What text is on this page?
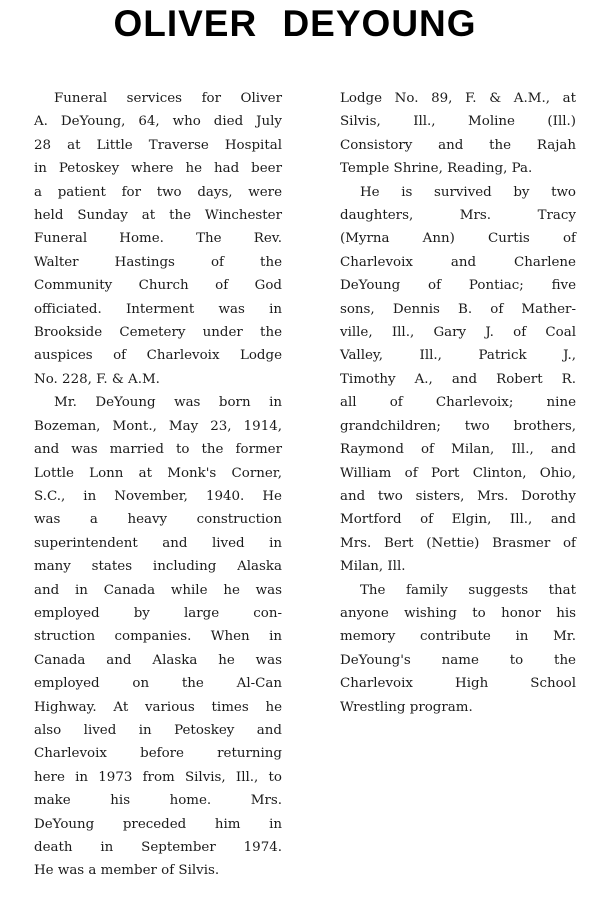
OLIVER DEYOUNG
Funeral services for Oliver
A. DeYoung, 64, who died July
28 at Little Traverse Hospital
in Petoskey where he had beer
a patient for two days, were
held Sunday at the Winchester
Funeral Home. The Rev.
Walter Hastings of the
Community Church of God
officiated. Interment was in
Brookside Cemetery under the
auspices of Charlevoix Lodge
No. 228, F. & A.M.
Mr. DeYoung was born in
Bozeman, Mont., May 23, 1914,
and was married to the former
Lottle Lonn at Monk's Corner,
S.C., in November, 1940. He
was a heavy construction
superintendent and lived in
many states including Alaska
and in Canada while he was
employed by large con-
struction companies. When in
Canada and Alaska he was
employed on the Al-Can
Highway. At various times he
also lived in Petoskey and
Charlevoix before returning
here in 1973 from Silvis, Ill., to
make his home. Mrs.
DeYoung preceded him in
death in September 1974.
He was a member of Silvis.
Lodge No. 89, F. & A.M., at
Silvis, Ill., Moline (Ill.)
Consistory and the Rajah
Temple Shrine, Reading, Pa.
He is survived by two
daughters, Mrs. Tracy
(Myrna Ann) Curtis of
Charlevoix and Charlene
DeYoung of Pontiac; five
sons, Dennis B. of Mather-
ville, Ill., Gary J. of Coal
Valley, Ill., Patrick J.,
Timothy A., and Robert R.
all of Charlevoix; nine
grandchildren; two brothers,
Raymond of Milan, Ill., and
William of Port Clinton, Ohio,
and two sisters, Mrs. Dorothy
Mortford of Elgin, Ill., and
Mrs. Bert (Nettie) Brasmer of
Milan, Ill.
The family suggests that
anyone wishing to honor his
memory contribute in Mr.
DeYoung's name to the
Charlevoix High School
Wrestling program.
